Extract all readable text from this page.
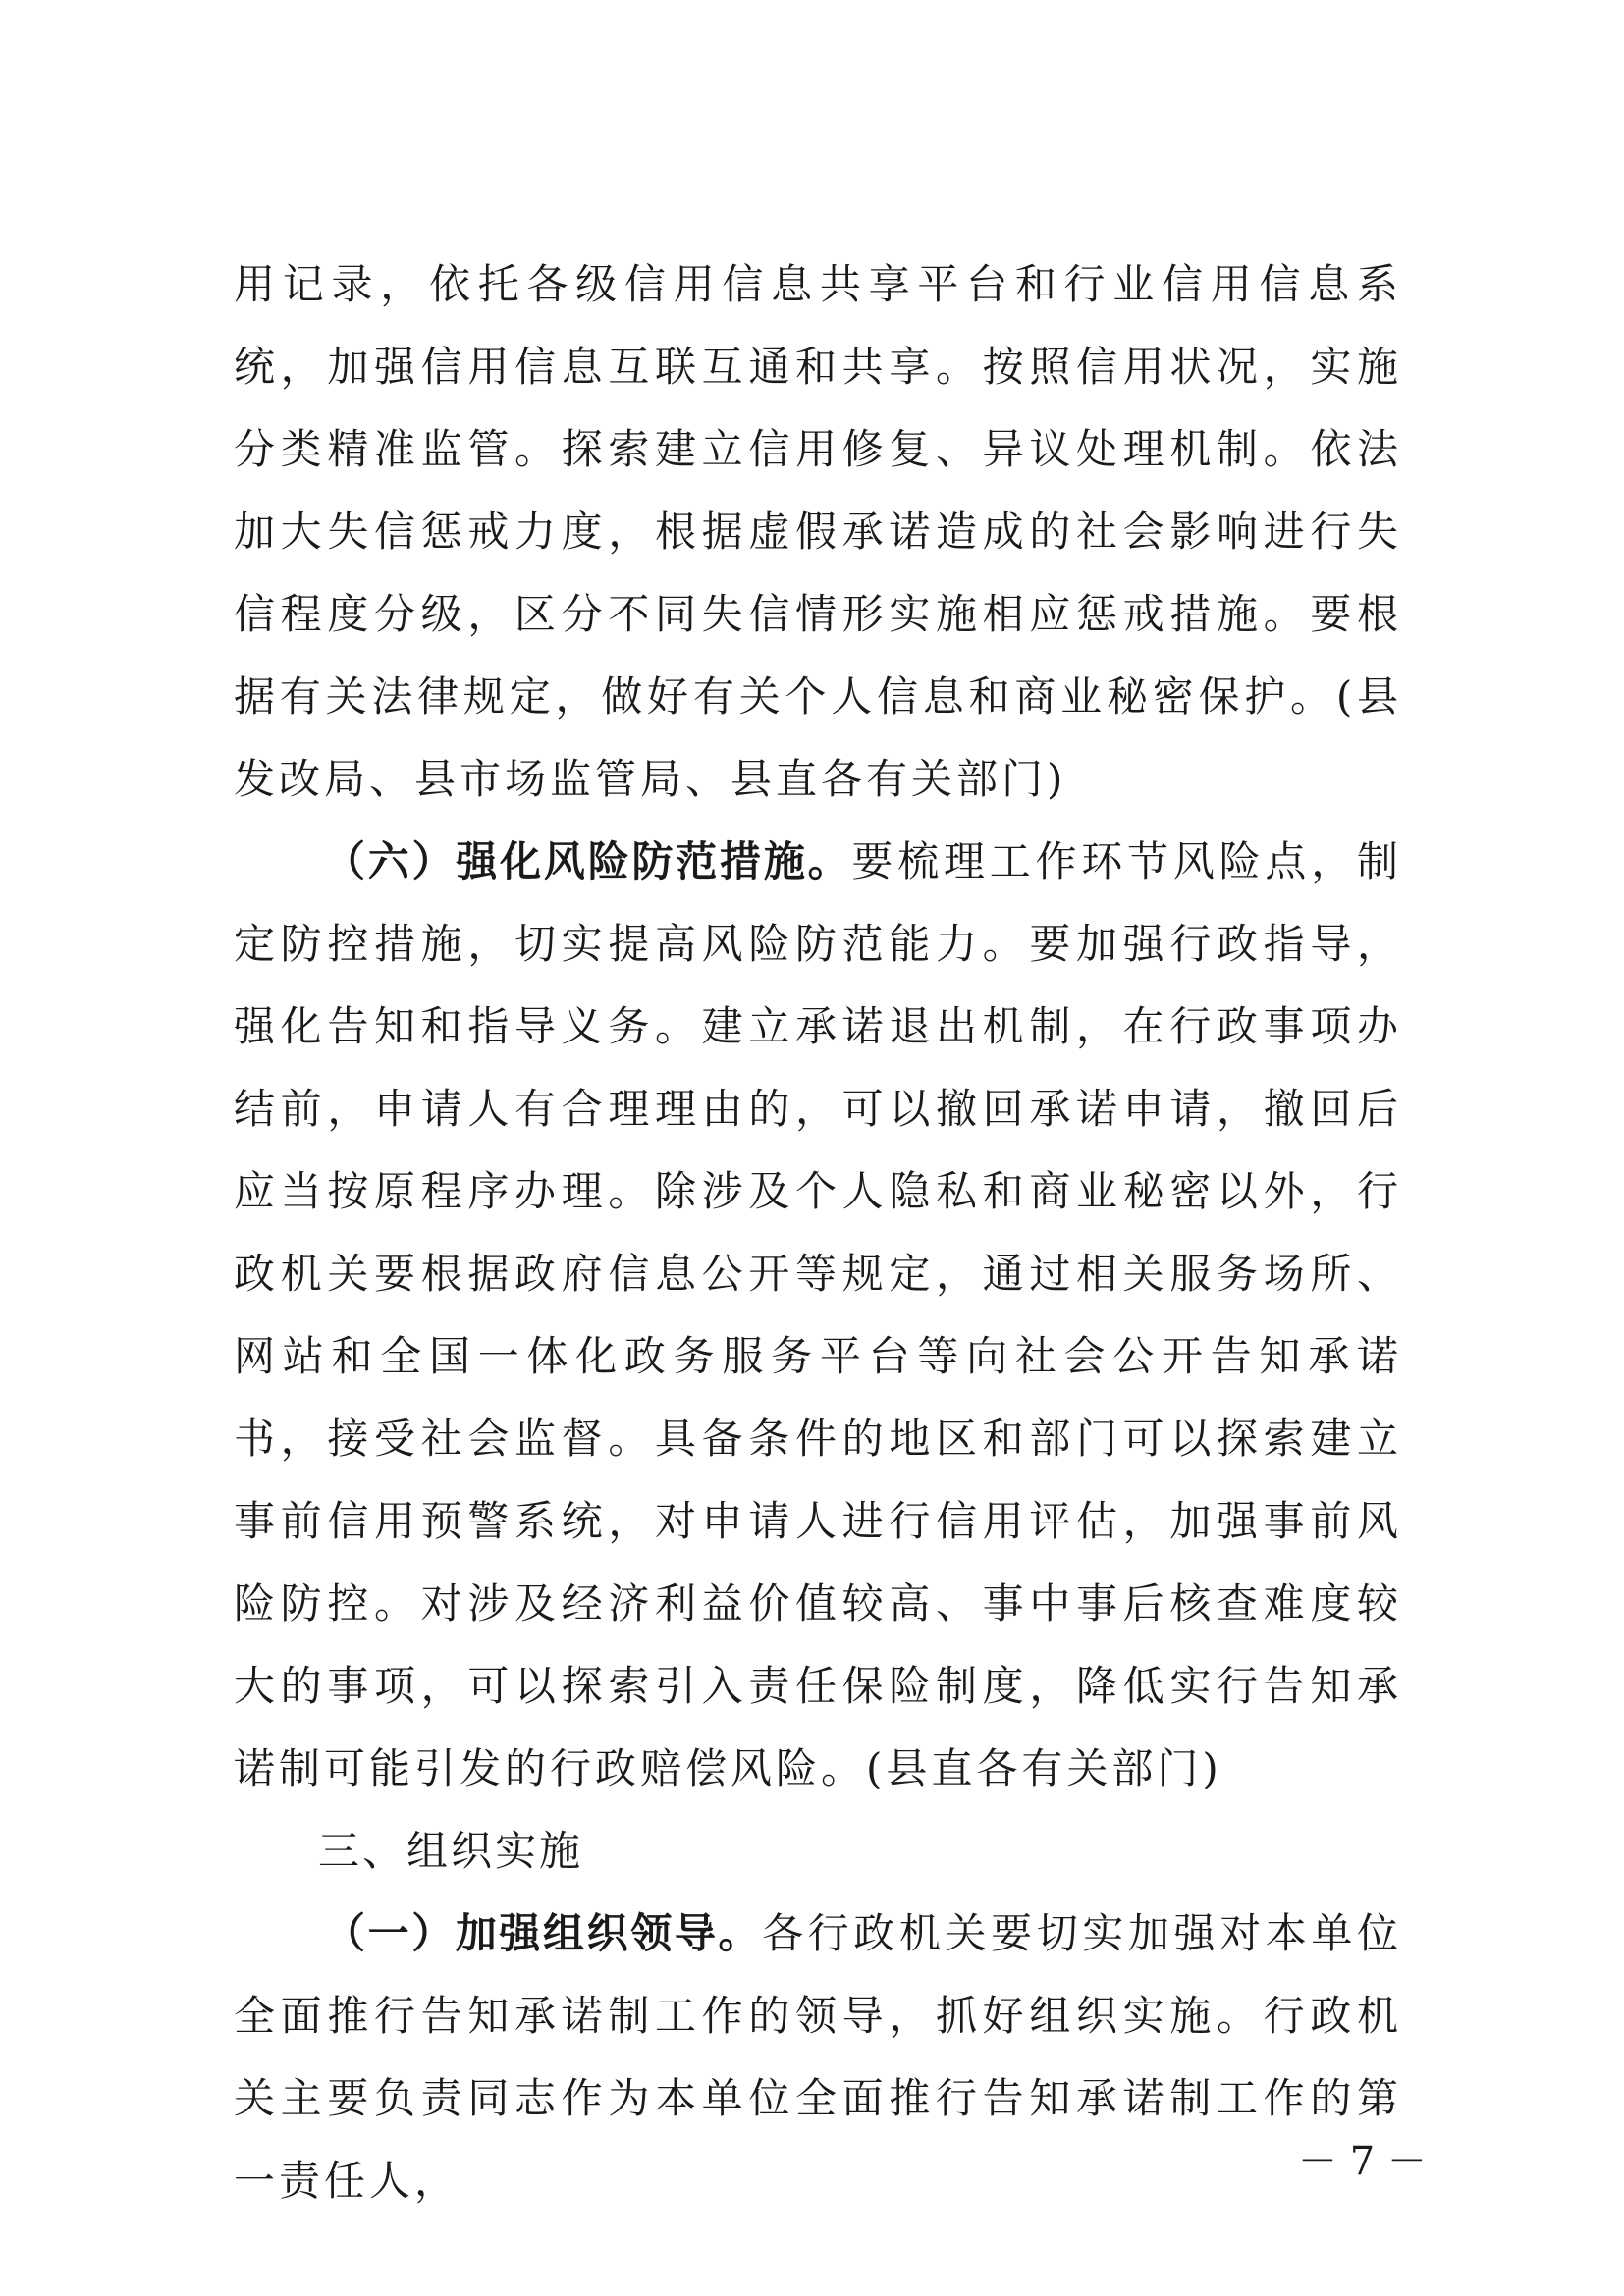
用记录，依托各级信用信息共享平台和行业信用信息系统，加强信用信息互联互通和共享。按照信用状况，实施分类精准监管。探索建立信用修复、异议处理机制。依法加大失信惩戒力度，根据虚假承诺造成的社会影响进行失信程度分级，区分不同失信情形实施相应惩戒措施。要根据有关法律规定，做好有关个人信息和商业秘密保护。(县发改局、县市场监管局、县直各有关部门)

（六）强化风险防范措施。要梳理工作环节风险点，制定防控措施，切实提高风险防范能力。要加强行政指导，强化告知和指导义务。建立承诺退出机制，在行政事项办结前，申请人有合理理由的，可以撤回承诺申请，撤回后应当按原程序办理。除涉及个人隐私和商业秘密以外，行政机关要根据政府信息公开等规定，通过相关服务场所、网站和全国一体化政务服务平台等向社会公开告知承诺书，接受社会监督。具备条件的地区和部门可以探索建立事前信用预警系统，对申请人进行信用评估，加强事前风险防控。对涉及经济利益价值较高、事中事后核查难度较大的事项，可以探索引入责任保险制度，降低实行告知承诺制可能引发的行政赔偿风险。(县直各有关部门)

三、组织实施

（一）加强组织领导。各行政机关要切实加强对本单位全面推行告知承诺制工作的领导，抓好组织实施。行政机关主要负责同志作为本单位全面推行告知承诺制工作的第一责任人，	－ 7 －
